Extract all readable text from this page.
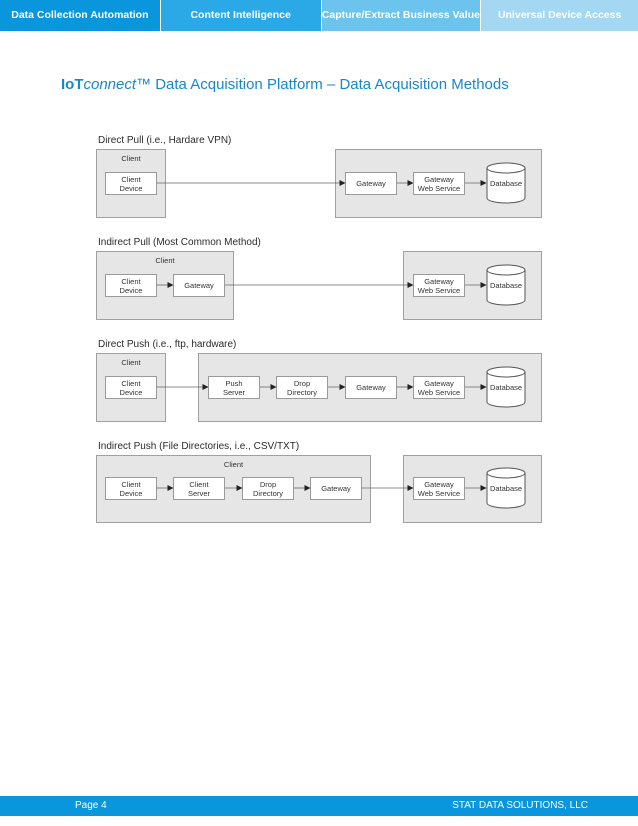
Data Collection Automation	Content Intelligence	Capture/Extract Business Value	Universal Device Access
IoTconnect™ Data Acquisition Platform – Data Acquisition Methods
Direct Pull (i.e., Hardare VPN)
Client
Client
Device	Gateway	Gateway
Web Service
Database
Indirect Pull (Most Common Method)
Client
Client
Device	Gateway	Gateway
Web Service
Database
Direct Push (i.e., ftp, hardware)
Client
Client
Device
Push
Server
Drop
Directory	Gateway	Gateway
Web Service
Database
Indirect Push (File Directories, i.e., CSV/TXT)
Client
Client
Device
Client
Server
Drop
Directory	Gateway	Gateway
Web Service
Database
Page 4	STAT DATA SOLUTIONS, LLC
